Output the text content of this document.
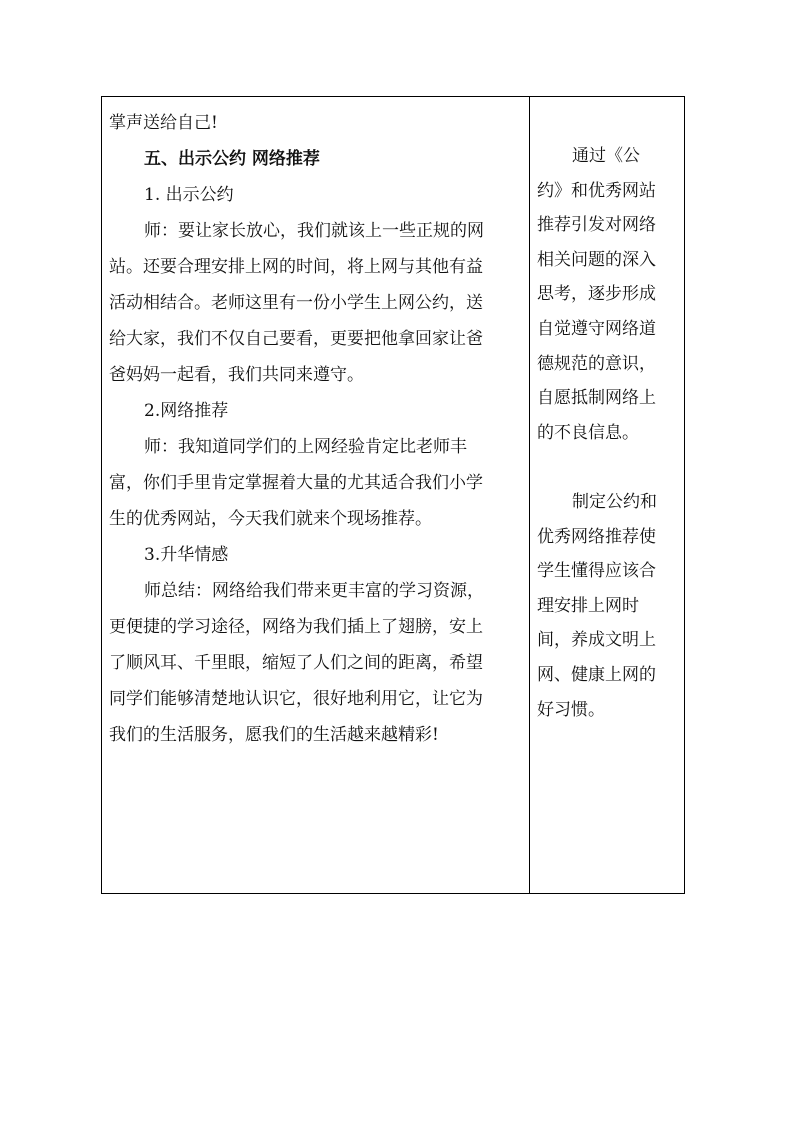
掌声送给自己!
五、出示公约 网络推荐
1. 出示公约
师：要让家长放心，我们就该上一些正规的网
站。还要合理安排上网的时间，将上网与其他有益
活动相结合。老师这里有一份小学生上网公约，送
给大家，我们不仅自己要看，更要把他拿回家让爸
爸妈妈一起看，我们共同来遵守。
2.网络推荐
师：我知道同学们的上网经验肯定比老师丰
富，你们手里肯定掌握着大量的尤其适合我们小学
生的优秀网站，今天我们就来个现场推荐。
3.升华情感
师总结：网络给我们带来更丰富的学习资源，
更便捷的学习途径，网络为我们插上了翅膀，安上
了顺风耳、千里眼，缩短了人们之间的距离，希望
同学们能够清楚地认识它，很好地利用它，让它为
我们的生活服务，愿我们的生活越来越精彩!
通过《公
约》和优秀网站
推荐引发对网络
相关问题的深入
思考，逐步形成
自觉遵守网络道
德规范的意识，
自愿抵制网络上
的不良信息。
制定公约和
优秀网络推荐使
学生懂得应该合
理安排上网时
间，养成文明上
网、健康上网的
好习惯。
